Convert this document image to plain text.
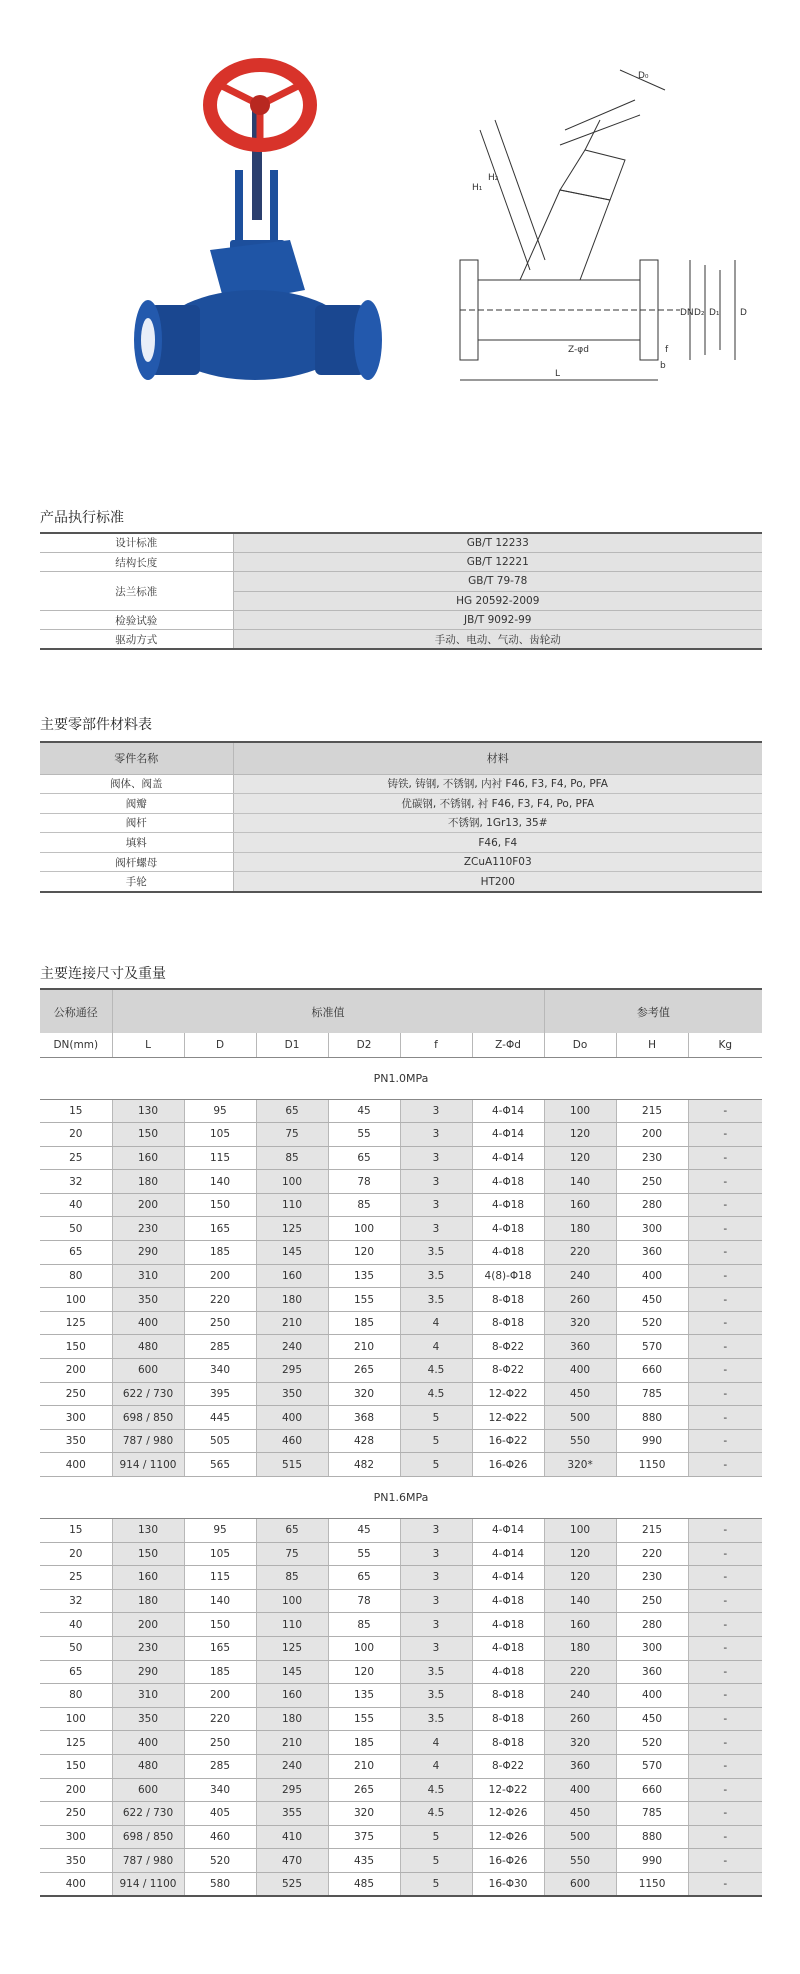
D₀
H₁
H₂
DN D₂ D₁ D
Z-φd	f
b
L
产品执行标准
设计标准	GB/T 12233
结构长度	GB/T 12221
法兰标准	GB/T 79-78
	HG 20592-2009
检验试验	JB/T 9092-99
驱动方式	手动、电动、气动、齿轮动
主要零部件材料表
零件名称	材料
阀体、阀盖	铸铁, 铸钢, 不锈钢, 内衬 F46, F3, F4, Po, PFA
阀瓣	优碳钢, 不锈钢, 衬 F46, F3, F4, Po, PFA
阀杆	不锈钢, 1Gr13, 35#
填料	F46, F4
阀杆螺母	ZCuA110F03
手轮	HT200
主要连接尺寸及重量
公称通径	标准值						参考值		
DN(mm)	L	D	D1	D2	f	Z-Φd	Do	H	Kg
PN1.0MPa									
15	130	95	65	45	3	4-Φ14	100	215	-
20	150	105	75	55	3	4-Φ14	120	200	-
25	160	115	85	65	3	4-Φ14	120	230	-
32	180	140	100	78	3	4-Φ18	140	250	-
40	200	150	110	85	3	4-Φ18	160	280	-
50	230	165	125	100	3	4-Φ18	180	300	-
65	290	185	145	120	3.5	4-Φ18	220	360	-
80	310	200	160	135	3.5	4(8)-Φ18	240	400	-
100	350	220	180	155	3.5	8-Φ18	260	450	-
125	400	250	210	185	4	8-Φ18	320	520	-
150	480	285	240	210	4	8-Φ22	360	570	-
200	600	340	295	265	4.5	8-Φ22	400	660	-
250	622 / 730	395	350	320	4.5	12-Φ22	450	785	-
300	698 / 850	445	400	368	5	12-Φ22	500	880	-
350	787 / 980	505	460	428	5	16-Φ22	550	990	-
400	914 / 1100	565	515	482	5	16-Φ26	320*	1150	-
PN1.6MPa									
15	130	95	65	45	3	4-Φ14	100	215	-
20	150	105	75	55	3	4-Φ14	120	220	-
25	160	115	85	65	3	4-Φ14	120	230	-
32	180	140	100	78	3	4-Φ18	140	250	-
40	200	150	110	85	3	4-Φ18	160	280	-
50	230	165	125	100	3	4-Φ18	180	300	-
65	290	185	145	120	3.5	4-Φ18	220	360	-
80	310	200	160	135	3.5	8-Φ18	240	400	-
100	350	220	180	155	3.5	8-Φ18	260	450	-
125	400	250	210	185	4	8-Φ18	320	520	-
150	480	285	240	210	4	8-Φ22	360	570	-
200	600	340	295	265	4.5	12-Φ22	400	660	-
250	622 / 730	405	355	320	4.5	12-Φ26	450	785	-
300	698 / 850	460	410	375	5	12-Φ26	500	880	-
350	787 / 980	520	470	435	5	16-Φ26	550	990	-
400	914 / 1100	580	525	485	5	16-Φ30	600	1150	-
